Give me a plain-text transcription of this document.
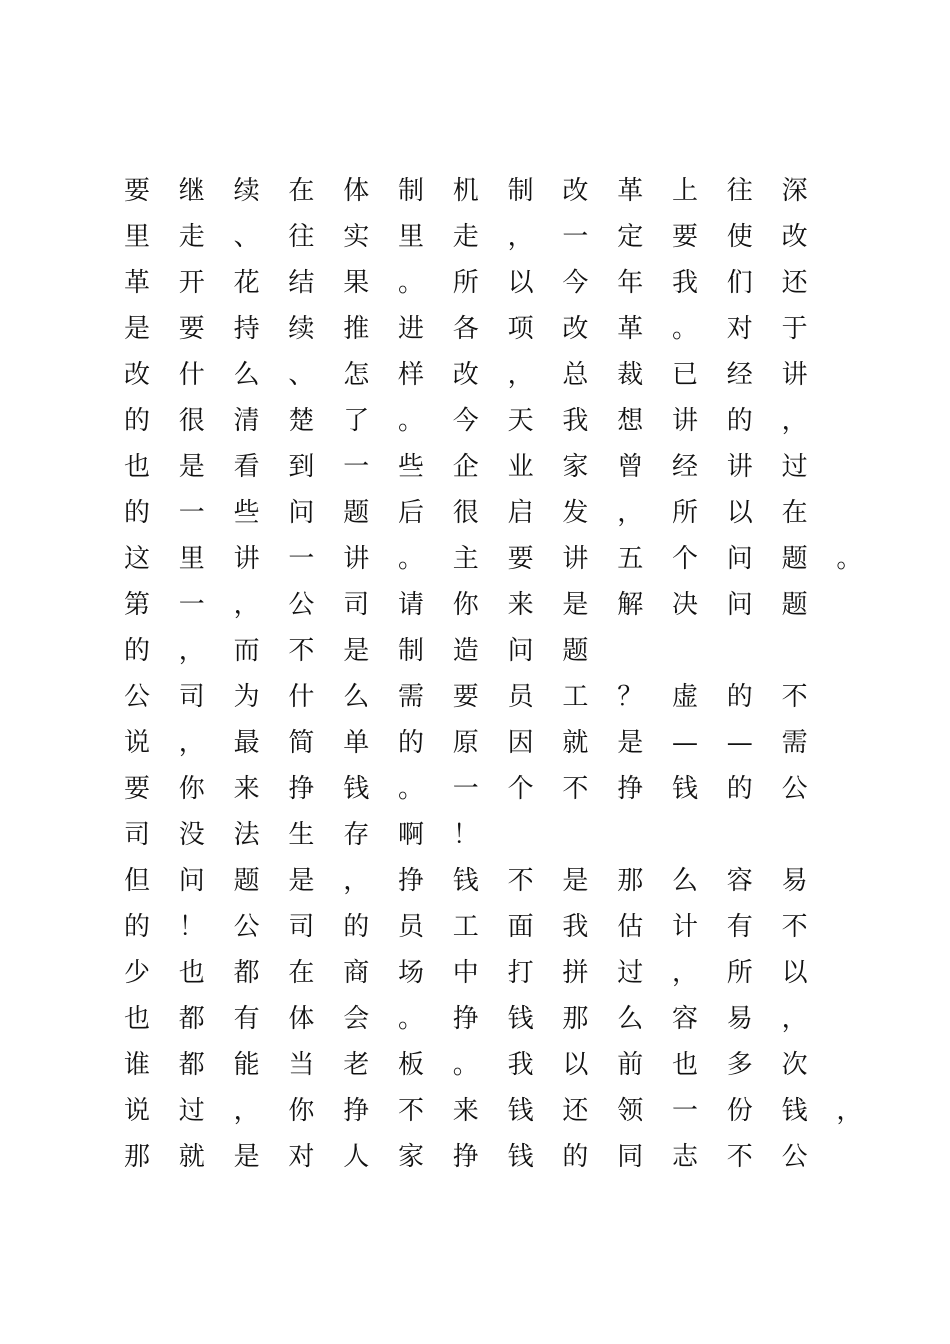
要继续在体制机制改革上往深
里走、往实里走，一定要使改
革开花结果。所以今年我们还
是要持续推进各项改革。对于
改什么、怎样改，总裁已经讲
的很清楚了。今天我想讲的，
也是看到一些企业家曾经讲过
的一些问题后很启发，所以在
这里讲一讲。主要讲五个问题。
第一，公司请你来是解决问题
的，而不是制造问题
公司为什么需要员工？虚的不
说，最简单的原因就是——需
要你来挣钱。一个不挣钱的公
司没法生存啊！
但问题是，挣钱不是那么容易
的！公司的员工面我估计有不
少也都在商场中打拼过，所以
也都有体会。挣钱那么容易，
谁都能当老板。我以前也多次
说过，你挣不来钱还领一份钱，
那就是对人家挣钱的同志不公
